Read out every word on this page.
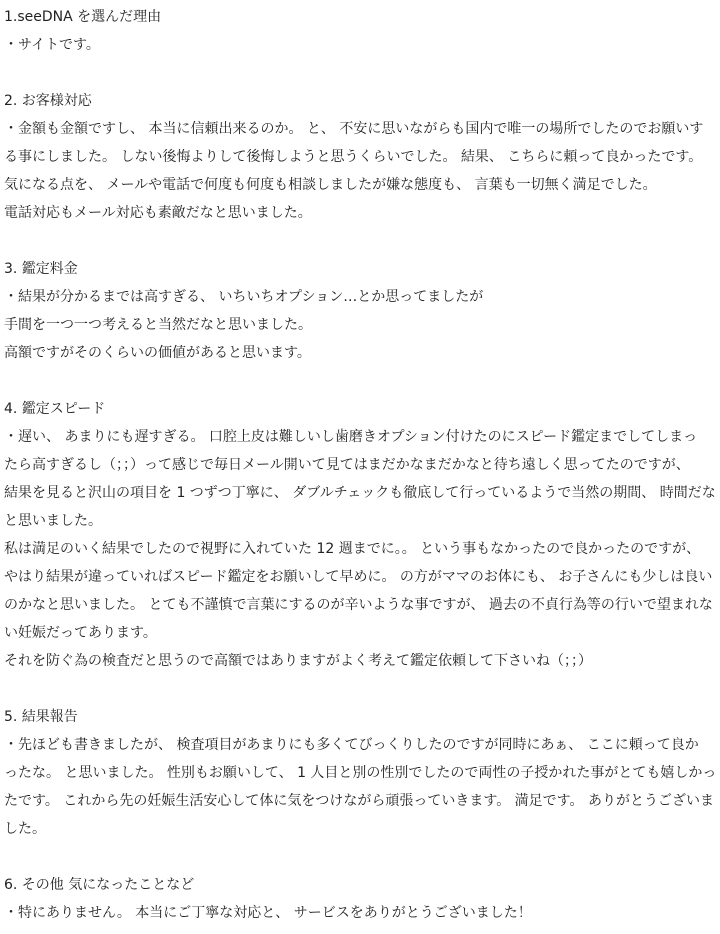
1.seeDNA を選んだ理由
・サイトです。
2. お客様対応
・金額も金額ですし、 本当に信頼出来るのか。 と、 不安に思いながらも国内で唯一の場所でしたのでお願いす
る事にしました。 しない後悔よりして後悔しようと思うくらいでした。 結果、 こちらに頼って良かったです。
気になる点を、 メールや電話で何度も何度も相談しましたが嫌な態度も、 言葉も一切無く満足でした。
電話対応もメール対応も素敵だなと思いました。
3. 鑑定料金
・結果が分かるまでは高すぎる、 いちいちオプション…とか思ってましたが
手間を一つ一つ考えると当然だなと思いました。
高額ですがそのくらいの価値があると思います。
4. 鑑定スピード
・遅い、 あまりにも遅すぎる。 口腔上皮は難しいし歯磨きオプション付けたのにスピード鑑定までしてしまっ
たら高すぎるし（；；）って感じで毎日メール開いて見てはまだかなまだかなと待ち遠しく思ってたのですが、
結果を見ると沢山の項目を 1 つずつ丁寧に、 ダブルチェックも徹底して行っているようで当然の期間、 時間だな
と思いました。
私は満足のいく結果でしたので視野に入れていた 12 週までに。。 という事もなかったので良かったのですが、
やはり結果が違っていればスピード鑑定をお願いして早めに。 の方がママのお体にも、 お子さんにも少しは良い
のかなと思いました。 とても不謹慎で言葉にするのが辛いような事ですが、 過去の不貞行為等の行いで望まれな
い妊娠だってあります。
それを防ぐ為の検査だと思うので高額ではありますがよく考えて鑑定依頼して下さいね（；；）
5. 結果報告
・先ほども書きましたが、 検査項目があまりにも多くてびっくりしたのですが同時にあぁ、 ここに頼って良か
ったな。 と思いました。 性別もお願いして、 1 人目と別の性別でしたので両性の子授かれた事がとても嬉しかっ
たです。 これから先の妊娠生活安心して体に気をつけながら頑張っていきます。 満足です。 ありがとうございま
した。
6. その他 気になったことなど
・特にありません。 本当にご丁寧な対応と、 サービスをありがとうございました！
